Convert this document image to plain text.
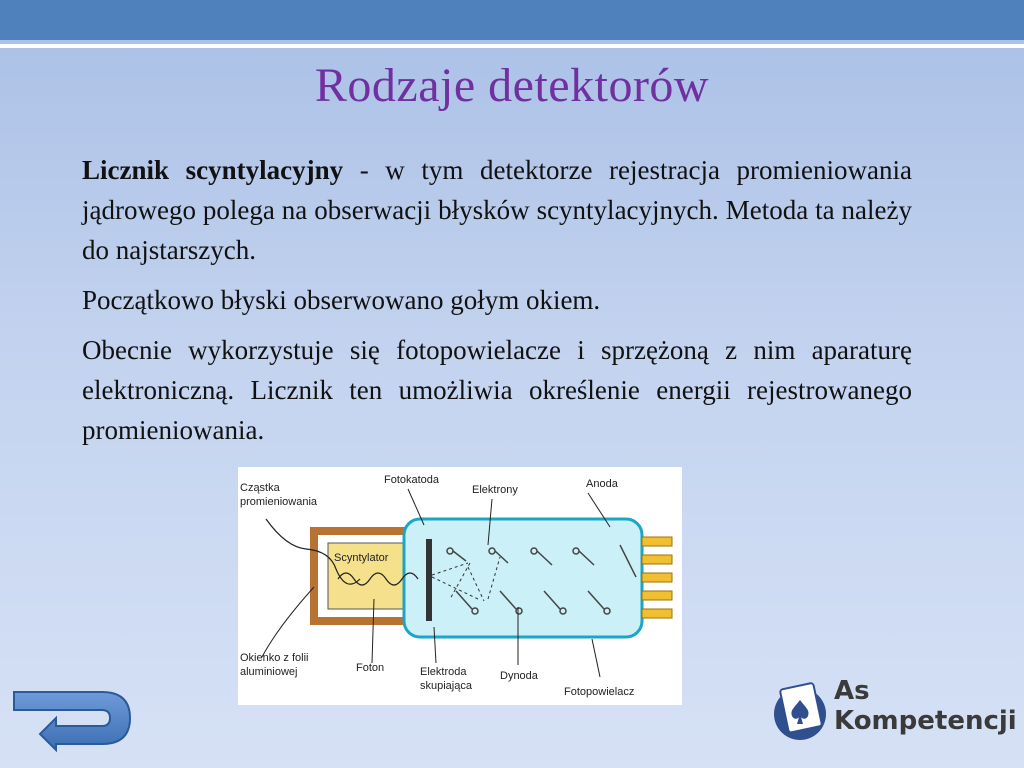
Rodzaje detektorów

Licznik scyntylacyjny - w tym detektorze rejestracja promieniowania jądrowego polega na obserwacji błysków scyntylacyjnych. Metoda ta należy do najstarszych.

Początkowo błyski obserwowano gołym okiem.

Obecnie wykorzystuje się fotopowielacze i sprzężoną z nim aparaturę elektroniczną. Licznik ten umożliwia określenie energii rejestrowanego promieniowania.

Cząstka
promieniowania
Fotokatoda
Elektrony	Anoda
Scyntylator
Okienko z folii
aluminiowej	Foton	Elektroda
skupiająca
Dynoda
Fotopowielacz	As
Kompetencji
